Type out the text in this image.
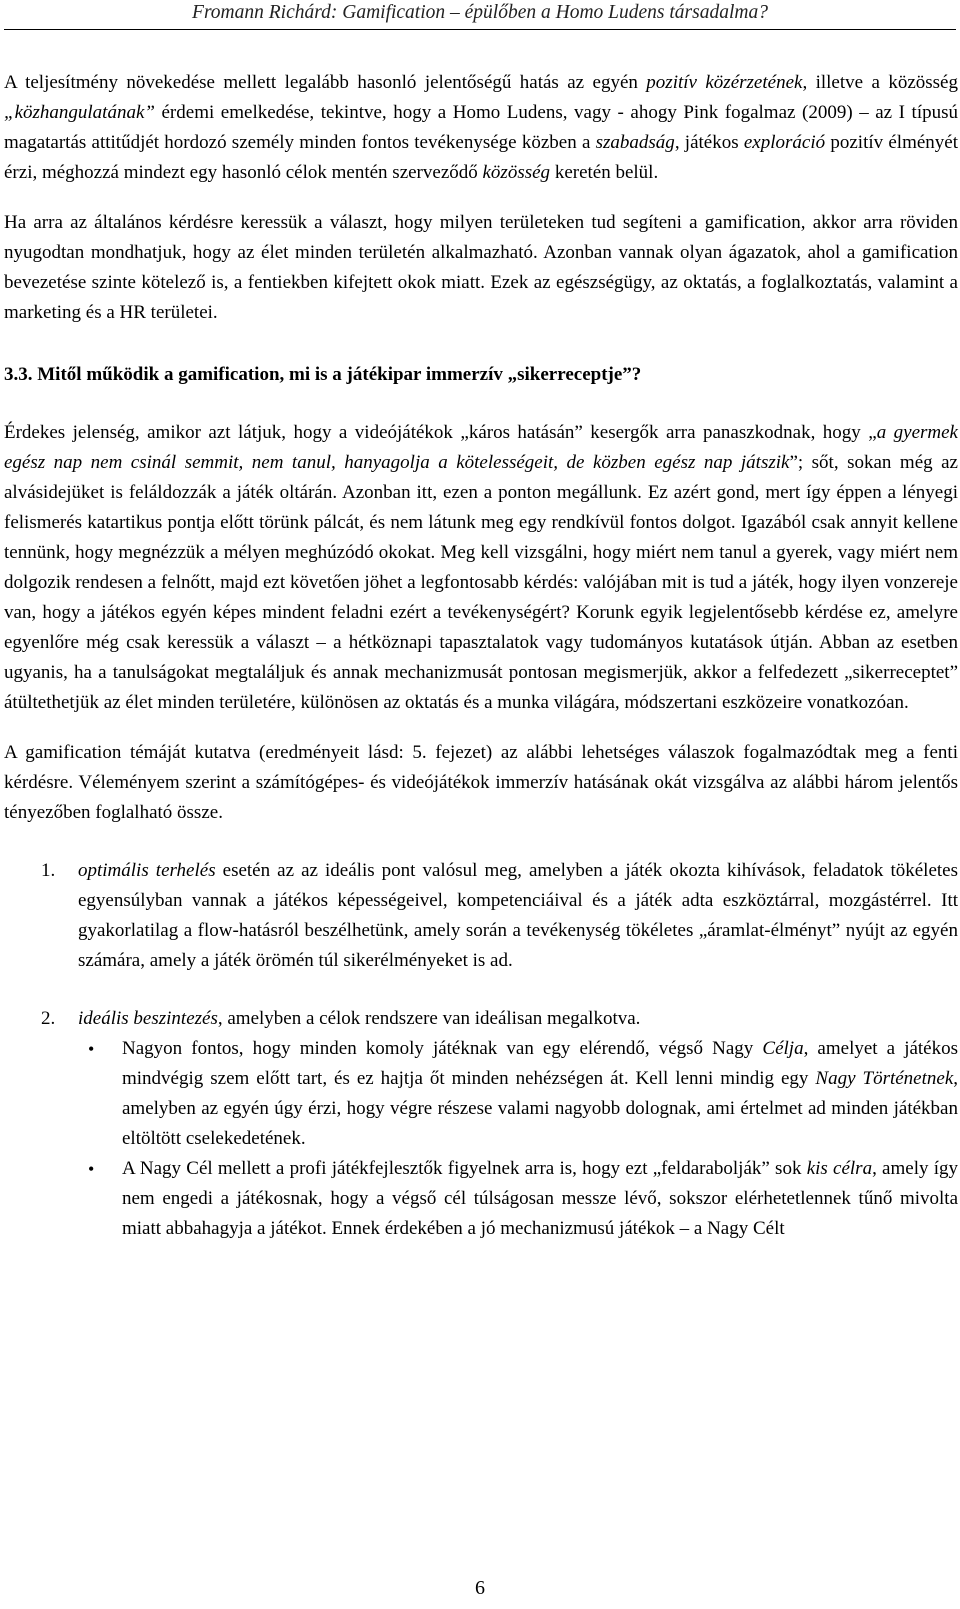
Fromann Richárd: Gamification – épülőben a Homo Ludens társadalma?

A teljesítmény növekedése mellett legalább hasonló jelentőségű hatás az egyén pozitív közérzetének, illetve a közösség „közhangulatának” érdemi emelkedése, tekintve, hogy a Homo Ludens, vagy - ahogy Pink fogalmaz (2009) – az I típusú magatartás attitűdjét hordozó személy minden fontos tevékenysége közben a szabadság, játékos exploráció pozitív élményét érzi, méghozzá mindezt egy hasonló célok mentén szerveződő közösség keretén belül.

Ha arra az általános kérdésre keressük a választ, hogy milyen területeken tud segíteni a gamification, akkor arra röviden nyugodtan mondhatjuk, hogy az élet minden területén alkalmazható. Azonban vannak olyan ágazatok, ahol a gamification bevezetése szinte kötelező is, a fentiekben kifejtett okok miatt. Ezek az egészségügy, az oktatás, a foglalkoztatás, valamint a marketing és a HR területei.

3.3. Mitől működik a gamification, mi is a játékipar immerzív „sikerreceptje”?

Érdekes jelenség, amikor azt látjuk, hogy a videójátékok „káros hatásán” kesergők arra panaszkodnak, hogy „a gyermek egész nap nem csinál semmit, nem tanul, hanyagolja a kötelességeit, de közben egész nap játszik”; sőt, sokan még az alvásidejüket is feláldozzák a játék oltárán. Azonban itt, ezen a ponton megállunk. Ez azért gond, mert így éppen a lényegi felismerés katartikus pontja előtt törünk pálcát, és nem látunk meg egy rendkívül fontos dolgot. Igazából csak annyit kellene tennünk, hogy megnézzük a mélyen meghúzódó okokat. Meg kell vizsgálni, hogy miért nem tanul a gyerek, vagy miért nem dolgozik rendesen a felnőtt, majd ezt követően jöhet a legfontosabb kérdés: valójában mit is tud a játék, hogy ilyen vonzereje van, hogy a játékos egyén képes mindent feladni ezért a tevékenységért? Korunk egyik legjelentősebb kérdése ez, amelyre egyenlőre még csak keressük a választ – a hétköznapi tapasztalatok vagy tudományos kutatások útján. Abban az esetben ugyanis, ha a tanulságokat megtaláljuk és annak mechanizmusát pontosan megismerjük, akkor a felfedezett „sikerreceptet” átültethetjük az élet minden területére, különösen az oktatás és a munka világára, módszertani eszközeire vonatkozóan.

A gamification témáját kutatva (eredményeit lásd: 5. fejezet) az alábbi lehetséges válaszok fogalmazódtak meg a fenti kérdésre. Véleményem szerint a számítógépes- és videójátékok immerzív hatásának okát vizsgálva az alábbi három jelentős tényezőben foglalható össze.

1. optimális terhelés esetén az az ideális pont valósul meg, amelyben a játék okozta kihívások, feladatok tökéletes egyensúlyban vannak a játékos képességeivel, kompetenciáival és a játék adta eszköztárral, mozgástérrel. Itt gyakorlatilag a flow-hatásról beszélhetünk, amely során a tevékenység tökéletes „áramlat-élményt” nyújt az egyén számára, amely a játék örömén túl sikerélményeket is ad.

2. ideális beszintezés, amelyben a célok rendszere van ideálisan megalkotva.

• Nagyon fontos, hogy minden komoly játéknak van egy elérendő, végső Nagy Célja, amelyet a játékos mindvégig szem előtt tart, és ez hajtja őt minden nehézségen át. Kell lenni mindig egy Nagy Történetnek, amelyben az egyén úgy érzi, hogy végre részese valami nagyobb dolognak, ami értelmet ad minden játékban eltöltött cselekedetének.

• A Nagy Cél mellett a profi játékfejlesztők figyelnek arra is, hogy ezt „feldarabolják” sok kis célra, amely így nem engedi a játékosnak, hogy a végső cél túlságosan messze lévő, sokszor elérhetetlennek tűnő mivolta miatt abbahagyja a játékot. Ennek érdekében a jó mechanizmusú játékok – a Nagy Célt

6
